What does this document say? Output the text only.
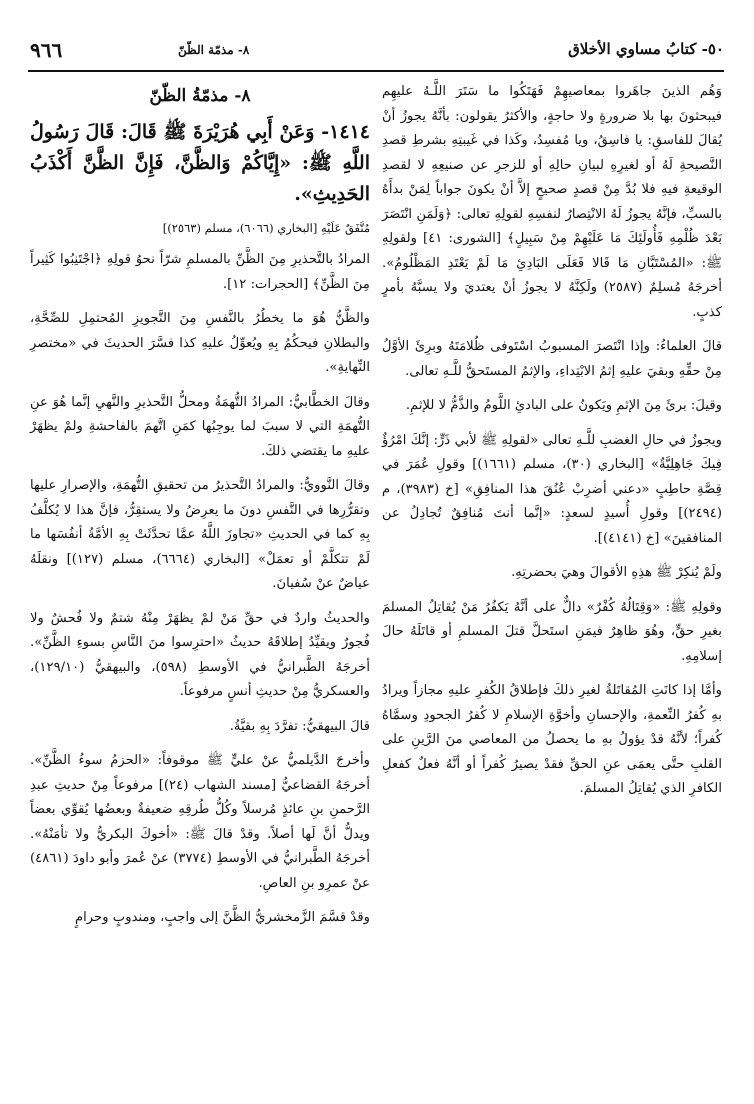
٥٠- كتابُ مساوي الأخلاق
٨- مذمّة الظّنّ
٩٦٦

وَهُم الذينَ جاهَروا بمعاصيهِمْ فَهَتَكُوا ما سَتَرَ اللَّـهُ عليهِم فيبحثونَ بها بلا ضرورةٍ ولا حاجةٍ، والأكثرُ يقولون: بأنَّهُ يجوزُ أنْ يُقالَ للفاسقِ: يا فاسِقُ، ويا مُفسِدُ، وكَذا في غَيبتِهِ بشرطِ قصدِ النَّصيحةِ لَهُ أو لغيرِهِ لبيانِ حالِهِ أو للزجرِ عن صنيعِهِ لا لقصدِ الوقيعةِ فيهِ فلا بُدَّ مِنْ قصدٍ صحيحٍ إلاَّ أنْ يكونَ جواباً لِمَنْ بدأَهُ بالسبِّ، فإنَّهُ يجوزُ لَهُ الانْتِصارُ لنفسِهِ لقولِهِ تعالى: ﴿وَلَمَنِ انْتَصَرَ بَعْدَ ظُلْمِهِ فَأُولَئِكَ مَا عَلَيْهِمْ مِنْ سَبِيلٍ﴾ [الشورى: ٤١] ولقولِهِ ﷺ: «المُسْتَبَّانِ مَا قَالا فَعَلَى البَادِئِ مَا لَمْ يَعْتَدِ المَظْلُومُ». أخرجَهُ مُسلِمٌ (٢٥٨٧) ولَكِنَّهُ لا يجوزُ أنْ يعتديَ ولا يسبَّهُ بأمرٍ كذبٍ.

قالَ العلماءُ: وإذا انْتَصرَ المسبوبُ اسْتَوفى ظُلامَتَهُ وبرِئَ الأوَّلُ مِنْ حقِّهِ وبقيَ عليهِ إثمُ الابْتِداءِ، والإثمُ المستَحقُّ للَّـهِ تعالى.

وقيلَ: برئَ مِنَ الإثمِ ويَكونُ على البادئِ اللَّومُ والذَّمُّ لا للإثمِ.

ويجوزُ في حالِ الغضبِ للَّـهِ تعالى «لقولِهِ ﷺ لأبي ذَرٍّ: إنَّكَ امْرُؤٌ فِيكَ جَاهِلِيَّةٌ» [البخاري (٣٠)، مسلم (١٦٦١)] وقولِ عُمَرَ في قِصَّةِ حاطِبٍ «دعني أضرِبْ عُنُقَ هذا المنافِقِ» [خ (٣٩٨٣)، م (٢٤٩٤)] وقولِ أُسيدٍ لسعدٍ: «إنَّما أنتَ مُنافِقٌ تُجادِلُ عن المنافقينَ» [خ (٤١٤١)].

ولَمْ يُنكِرْ ﷺ هذِهِ الأقوالَ وهيَ بحضرتِهِ.

وقولِهِ ﷺ: «وَقِتَالُهُ كُفْرٌ» دالٌّ على أنَّهُ يَكفُرُ مَنْ يُقاتِلُ المسلمَ بغيرِ حقٍّ، وهُوَ ظاهِرٌ فيمَنِ استَحلَّ قتلَ المسلمِ أو قاتَلَهُ حالَ إسلامِهِ.

وأمَّا إذا كانَتِ المُقاتَلةُ لغيرِ ذلكَ فإطلاقُ الكُفرِ عليهِ مجازاً ويرادُ بهِ كُفرُ النِّعمةِ، والإحسانِ وأخوَّةِ الإسلامِ لا كُفرُ الجحودِ وسمَّاهُ كُفراً؛ لأنَّهُ قدْ يؤولُ بهِ ما يحصلُ من المعاصي منَ الرَّينِ على القلبِ حتَّى يعمَى عنِ الحقِّ فقدْ يصيرُ كُفراً أو أنَّهُ فعلٌ كفعلِ الكافرِ الذي يُقاتِلُ المسلمَ.

٨- مذمّةُ الظّنّ

١٤١٤- وَعَنْ أَبِي هُرَيْرَةَ ﷺ قَالَ: قَالَ رَسُولُ اللَّهِ ﷺ: «إِيَّاكُمْ وَالظَّنَّ، فَإِنَّ الظَّنَّ أَكْذَبُ الحَدِيثِ».

مُتَّفَقٌ عَلَيْهِ [البخاري (٦٠٦٦)، مسلم (٢٥٦٣)]

المرادُ بالتَّحذيرِ مِنَ الظَّنِّ بالمسلمِ شرّاً نحوُ قولِهِ ﴿اجْتَنِبُوا كَثِيراً مِنَ الظَّنِّ﴾ [الحجرات: ١٢].

والظَّنُّ هُوَ ما يخطُرُ بالنَّفسِ مِنَ التَّجويزِ المُحتمِلِ للصِّحَّةِ، والبطلانِ فيحكُمُ بِهِ ويُعوِّلُ عليهِ كذا فسَّرَ الحديثَ في «مختصرِ النِّهايةِ».

وقالَ الخطَّابيُّ: المرادُ التُّهمَةُ ومحلُّ التَّحذيرِ والنَّهيِ إنَّما هُوَ عنِ التُّهمَةِ التي لا سببَ لما يوجِبُها كمَنِ اتَّهمَ بالفاحشةِ ولمْ يظهَرْ عليهِ ما يقتضي ذلكَ.

وقالَ النَّوويُّ: والمرادُ التَّحذيرُ من تحقيقِ التُّهمَةِ، والإصرارِ عليها وتقرُّرِها في النَّفسِ دونَ ما يعرِضُ ولا يستقِرُّ، فإنَّ هذا لا يُكلَّفُ بِهِ كما في الحديثِ «تجاوزَ اللَّهُ عمَّا تحدَّثَتْ بِهِ الأمَّةُ أنفُسَها ما لَمْ تتكلَّمْ أو تعمَلْ» [البخاري (٦٦٦٤)، مسلم (١٢٧)] ونقلَهُ عياضٌ عنْ سُفيانَ.

والحديثُ واردٌ في حقِّ مَنْ لمْ يظهَرْ مِنْهُ شتمٌ ولا فُحشٌ ولا فُجورٌ ويقيِّدُ إطلاقَهُ حديثُ «احترِسوا منَ النَّاسِ بسوءِ الظَّنِّ». أخرجَهُ الطَّبرانيُّ في الأوسطِ (٥٩٨)، والبيهقيُّ (١٢٩/١٠)، والعسكريُّ مِنْ حديثِ أنسٍ مرفوعاً.

قالَ البيهقيُّ: تفرَّدَ بِهِ بقيَّةُ.

وأخرجَ الدَّيلميُّ عنْ عليٍّ ﷺ موقوفاً: «الحزمُ سوءُ الظَّنِّ». أخرجَهُ القضاعيُّ [مسند الشهاب (٢٤)] مرفوعاً مِنْ حديثِ عبدِ الرَّحمنِ بنِ عائذٍ مُرسلاً وكُلُّ طُرقِهِ ضعيفةٌ وبعضُها يُقوِّي بعضاً ويدلُّ أنَّ لَها أصلاً. وقدْ قالَ ﷺ: «أخوكَ البكريُّ ولا تأمَنْهُ». أخرجَهُ الطَّبرانيُّ في الأوسطِ (٣٧٧٤) عنْ عُمرَ وأبو داودَ (٤٨٦١) عنْ عمرِو بنِ العاصِ.

وقدْ قسَّمَ الزَّمخشريُّ الظَّنَّ إلى واجبٍ، ومندوبٍ وحرامٍ
